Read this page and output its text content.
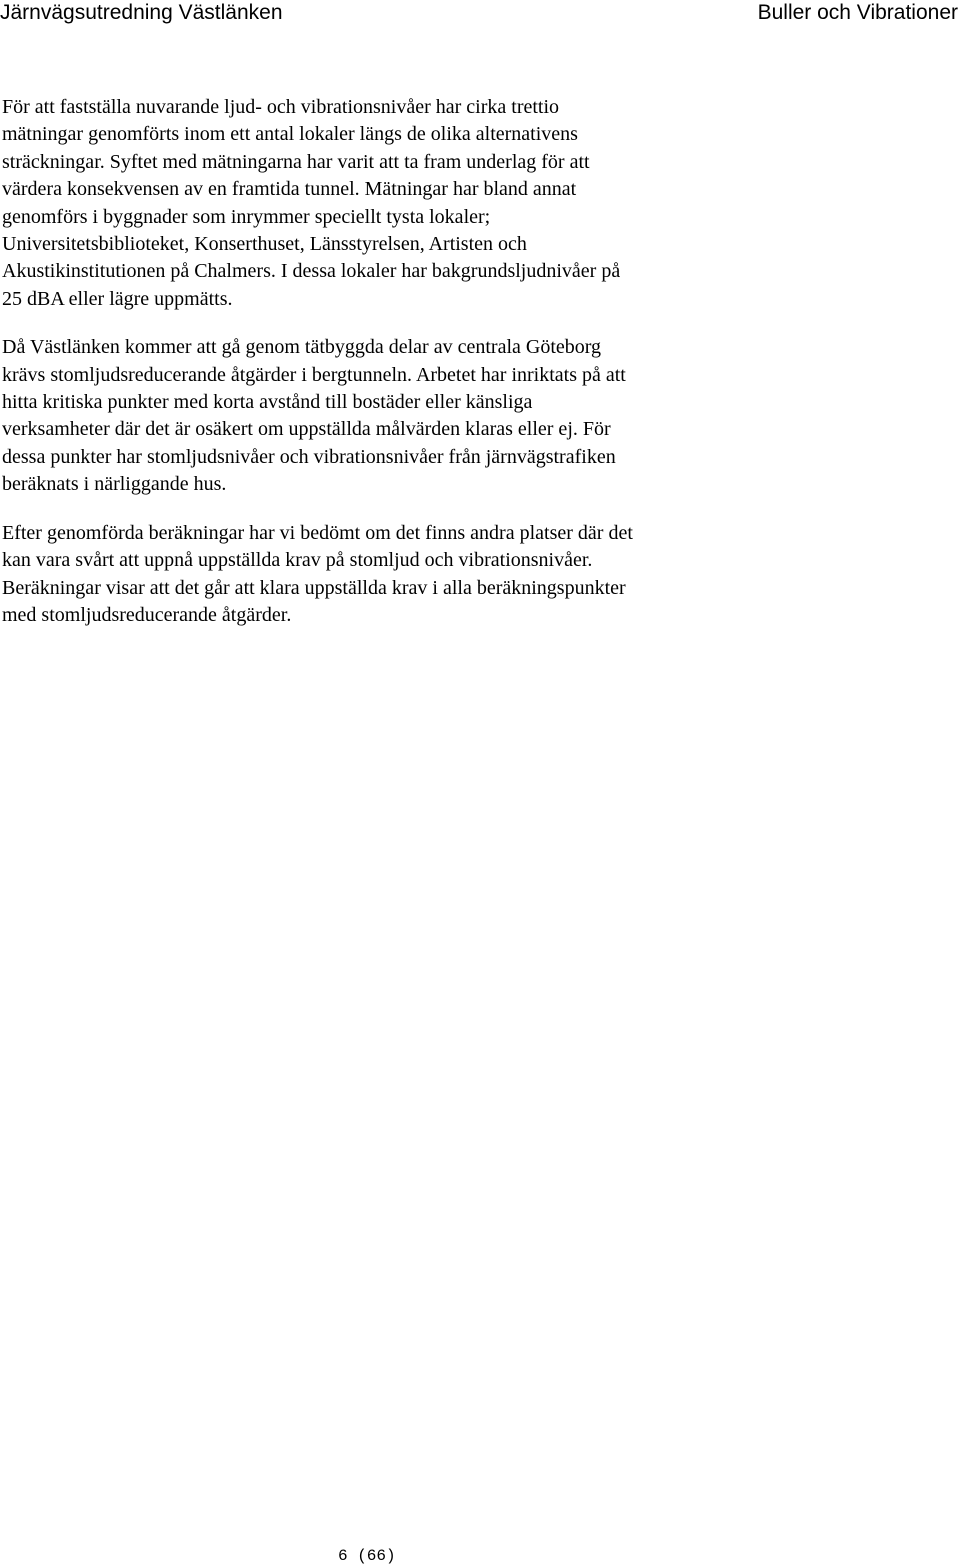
Järnvägsutredning Västlänken	Buller och Vibrationer

För att fastställa nuvarande ljud- och vibrationsnivåer har cirka trettio
mätningar genomförts inom ett antal lokaler längs de olika alternativens
sträckningar. Syftet med mätningarna har varit att ta fram underlag för att
värdera konsekvensen av en framtida tunnel. Mätningar har bland annat
genomförs i byggnader som inrymmer speciellt tysta lokaler;
Universitetsbiblioteket, Konserthuset, Länsstyrelsen, Artisten och
Akustikinstitutionen på Chalmers. I dessa lokaler har bakgrundsljudnivåer på
25 dBA eller lägre uppmätts.

Då Västlänken kommer att gå genom tätbyggda delar av centrala Göteborg
krävs stomljudsreducerande åtgärder i bergtunneln. Arbetet har inriktats på att
hitta kritiska punkter med korta avstånd till bostäder eller känsliga
verksamheter där det är osäkert om uppställda målvärden klaras eller ej. För
dessa punkter har stomljudsnivåer och vibrationsnivåer från järnvägstrafiken
beräknats i närliggande hus.

Efter genomförda beräkningar har vi bedömt om det finns andra platser där det
kan vara svårt att uppnå uppställda krav på stomljud och vibrationsnivåer.
Beräkningar visar att det går att klara uppställda krav i alla beräkningspunkter
med stomljudsreducerande åtgärder.

6 (66)
